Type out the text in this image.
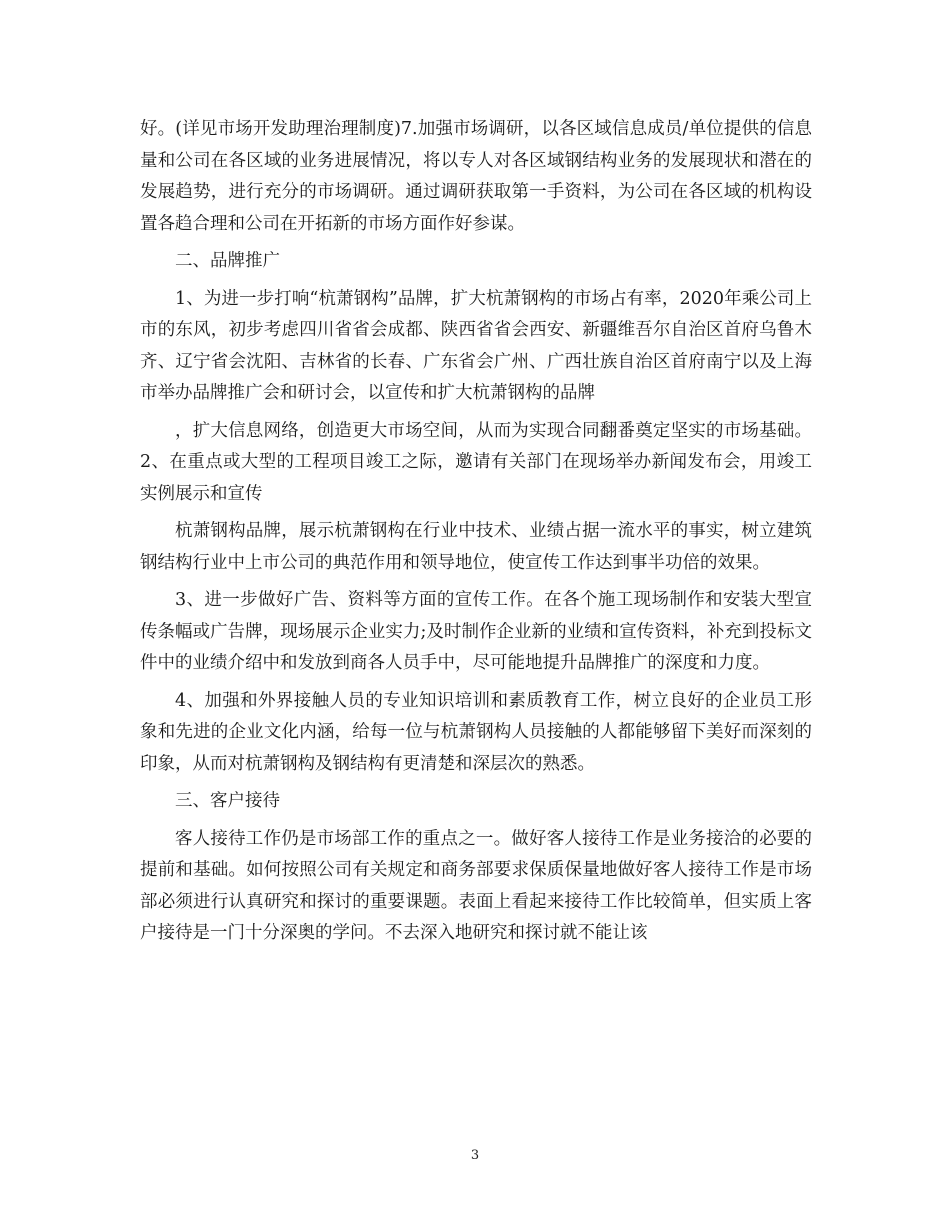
好。(详见市场开发助理治理制度)7.加强市场调研，以各区域信息成员/单位提供的信息量和公司在各区域的业务进展情况，将以专人对各区域钢结构业务的发展现状和潜在的发展趋势，进行充分的市场调研。通过调研获取第一手资料，为公司在各区域的机构设置各趋合理和公司在开拓新的市场方面作好参谋。

二、品牌推广

1、为进一步打响“杭萧钢构”品牌，扩大杭萧钢构的市场占有率，2020年乘公司上市的东风，初步考虑四川省省会成都、陕西省省会西安、新疆维吾尔自治区首府乌鲁木齐、辽宁省会沈阳、吉林省的长春、广东省会广州、广西壮族自治区首府南宁以及上海市举办品牌推广会和研讨会，以宣传和扩大杭萧钢构的品牌

，扩大信息网络，创造更大市场空间，从而为实现合同翻番奠定坚实的市场基础。2、在重点或大型的工程项目竣工之际，邀请有关部门在现场举办新闻发布会，用竣工实例展示和宣传

杭萧钢构品牌，展示杭萧钢构在行业中技术、业绩占据一流水平的事实，树立建筑钢结构行业中上市公司的典范作用和领导地位，使宣传工作达到事半功倍的效果。

3、进一步做好广告、资料等方面的宣传工作。在各个施工现场制作和安装大型宣传条幅或广告牌，现场展示企业实力;及时制作企业新的业绩和宣传资料，补充到投标文件中的业绩介绍中和发放到商各人员手中，尽可能地提升品牌推广的深度和力度。

4、加强和外界接触人员的专业知识培训和素质教育工作，树立良好的企业员工形象和先进的企业文化内涵，给每一位与杭萧钢构人员接触的人都能够留下美好而深刻的印象，从而对杭萧钢构及钢结构有更清楚和深层次的熟悉。

三、客户接待

客人接待工作仍是市场部工作的重点之一。做好客人接待工作是业务接洽的必要的提前和基础。如何按照公司有关规定和商务部要求保质保量地做好客人接待工作是市场部必须进行认真研究和探讨的重要课题。表面上看起来接待工作比较简单，但实质上客户接待是一门十分深奥的学问。不去深入地研究和探讨就不能让该

3
